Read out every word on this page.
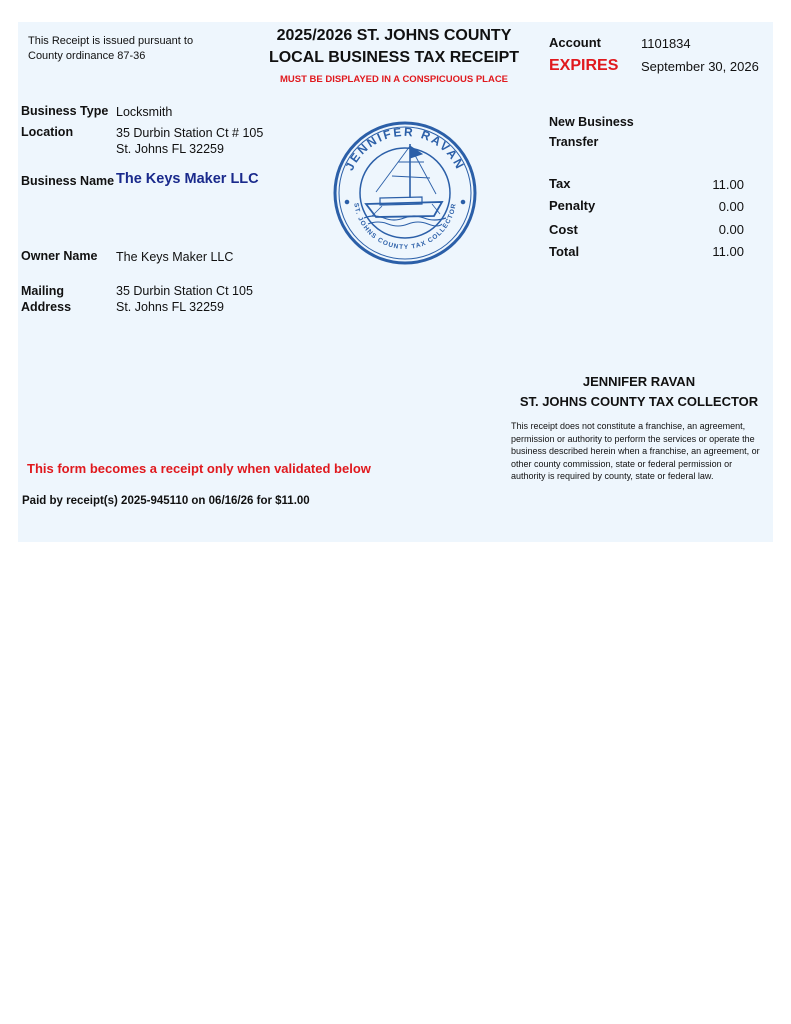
This Receipt is issued pursuant to
County ordinance 87-36
2025/2026 ST. JOHNS COUNTY
LOCAL BUSINESS TAX RECEIPT
MUST BE DISPLAYED IN A CONSPICUOUS PLACE
Account	1101834
EXPIRES September 30, 2026
New Business
Transfer
Business Type Locksmith
Location	35 Durbin Station Ct # 105
St. Johns FL 32259
Business Name The Keys Maker LLC
Owner Name The Keys Maker LLC
Mailing
Address
35 Durbin Station Ct 105
St. Johns FL 32259
JENNIFER RAVAN
ST. JOHNS COUNTY TAX COLLECTOR
Tax	11.00
Penalty	0.00
Cost	0.00
Total	11.00
JENNIFER RAVAN
ST. JOHNS COUNTY TAX COLLECTOR
This receipt does not constitute a franchise, an agreement, permission or authority to perform the services or operate the business described herein when a franchise, an agreement, or other county commission, state or federal permission or authority is required by county, state or federal law.
This form becomes a receipt only when validated below
Paid by receipt(s) 2025-945110 on 06/16/26 for $11.00
